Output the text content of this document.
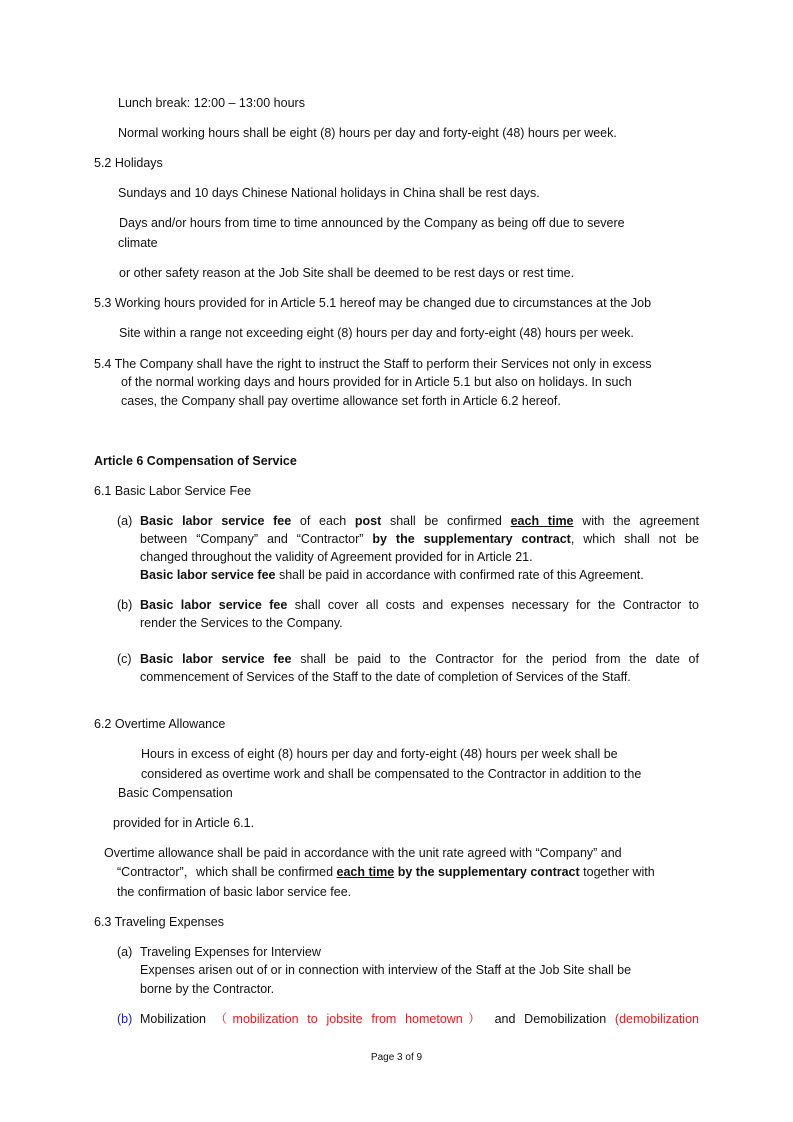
Lunch break: 12:00 – 13:00 hours
Normal working hours shall be eight (8) hours per day and forty-eight (48) hours per week.
5.2 Holidays
Sundays and 10 days Chinese National holidays in China shall be rest days.
Days and/or hours from time to time announced by the Company as being off due to severe
climate
or other safety reason at the Job Site shall be deemed to be rest days or rest time.
5.3 Working hours provided for in Article 5.1 hereof may be changed due to circumstances at the Job
Site within a range not exceeding eight (8) hours per day and forty-eight (48) hours per week.
5.4 The Company shall have the right to instruct the Staff to perform their Services not only in excess
of the normal working days and hours provided for in Article 5.1 but also on holidays. In such
cases, the Company shall pay overtime allowance set forth in Article 6.2 hereof.
Article 6 Compensation of Service
6.1 Basic Labor Service Fee
(a) Basic labor service fee of each post shall be confirmed each time with the agreement
between “Company” and “Contractor” by the supplementary contract, which shall not be
changed throughout the validity of Agreement provided for in Article 21.
Basic labor service fee shall be paid in accordance with confirmed rate of this Agreement.
(b) Basic labor service fee shall cover all costs and expenses necessary for the Contractor to
render the Services to the Company.
(c) Basic labor service fee shall be paid to the Contractor for the period from the date of
commencement of Services of the Staff to the date of completion of Services of the Staff.
6.2 Overtime Allowance
Hours in excess of eight (8) hours per day and forty-eight (48) hours per week shall be
considered as overtime work and shall be compensated to the Contractor in addition to the
Basic Compensation
provided for in Article 6.1.
Overtime allowance shall be paid in accordance with the unit rate agreed with “Company” and
“Contractor”，which shall be confirmed each time by the supplementary contract together with
the confirmation of basic labor service fee.
6.3 Traveling Expenses
(a) Traveling Expenses for Interview
Expenses arisen out of or in connection with interview of the Staff at the Job Site shall be
borne by the Contractor.
(b) Mobilization （mobilization to jobsite from hometown） and Demobilization (demobilization
Page 3 of 9
